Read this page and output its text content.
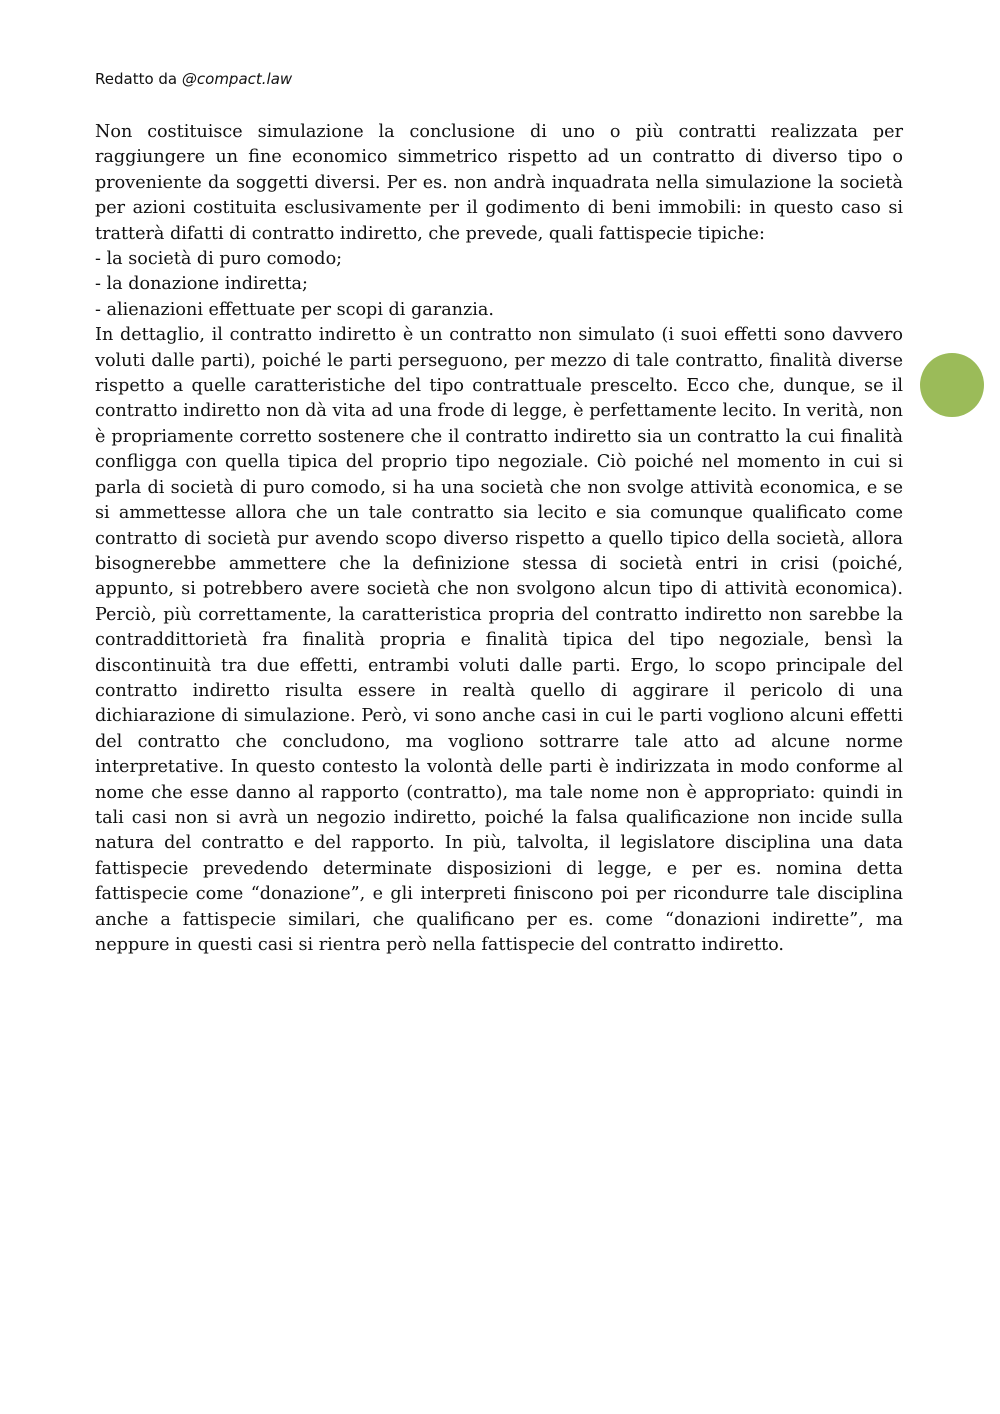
Redatto da @compact.law

Non costituisce simulazione la conclusione di uno o più contratti realizzata per raggiungere un fine economico simmetrico rispetto ad un contratto di diverso tipo o proveniente da soggetti diversi. Per es. non andrà inquadrata nella simulazione la società per azioni costituita esclusivamente per il godimento di beni immobili: in questo caso si tratterà difatti di contratto indiretto, che prevede, quali fattispecie tipiche:

- la società di puro comodo;

- la donazione indiretta;

- alienazioni effettuate per scopi di garanzia.

In dettaglio, il contratto indiretto è un contratto non simulato (i suoi effetti sono davvero voluti dalle parti), poiché le parti perseguono, per mezzo di tale contratto, finalità diverse rispetto a quelle caratteristiche del tipo contrattuale prescelto. Ecco che, dunque, se il contratto indiretto non dà vita ad una frode di legge, è perfettamente lecito. In verità, non è propriamente corretto sostenere che il contratto indiretto sia un contratto la cui finalità confligga con quella tipica del proprio tipo negoziale. Ciò poiché nel momento in cui si parla di società di puro comodo, si ha una società che non svolge attività economica, e se si ammettesse allora che un tale contratto sia lecito e sia comunque qualificato come contratto di società pur avendo scopo diverso rispetto a quello tipico della società, allora bisognerebbe ammettere che la definizione stessa di società entri in crisi (poiché, appunto, si potrebbero avere società che non svolgono alcun tipo di attività economica). Perciò, più correttamente, la caratteristica propria del contratto indiretto non sarebbe la contraddittorietà fra finalità propria e finalità tipica del tipo negoziale, bensì la discontinuità tra due effetti, entrambi voluti dalle parti. Ergo, lo scopo principale del contratto indiretto risulta essere in realtà quello di aggirare il pericolo di una dichiarazione di simulazione. Però, vi sono anche casi in cui le parti vogliono alcuni effetti del contratto che concludono, ma vogliono sottrarre tale atto ad alcune norme interpretative. In questo contesto la volontà delle parti è indirizzata in modo conforme al nome che esse danno al rapporto (contratto), ma tale nome non è appropriato: quindi in tali casi non si avrà un negozio indiretto, poiché la falsa qualificazione non incide sulla natura del contratto e del rapporto. In più, talvolta, il legislatore disciplina una data fattispecie prevedendo determinate disposizioni di legge, e per es. nomina detta fattispecie come “donazione”, e gli interpreti finiscono poi per ricondurre tale disciplina anche a fattispecie similari, che qualificano per es. come “donazioni indirette”, ma neppure in questi casi si rientra però nella fattispecie del contratto indiretto.
